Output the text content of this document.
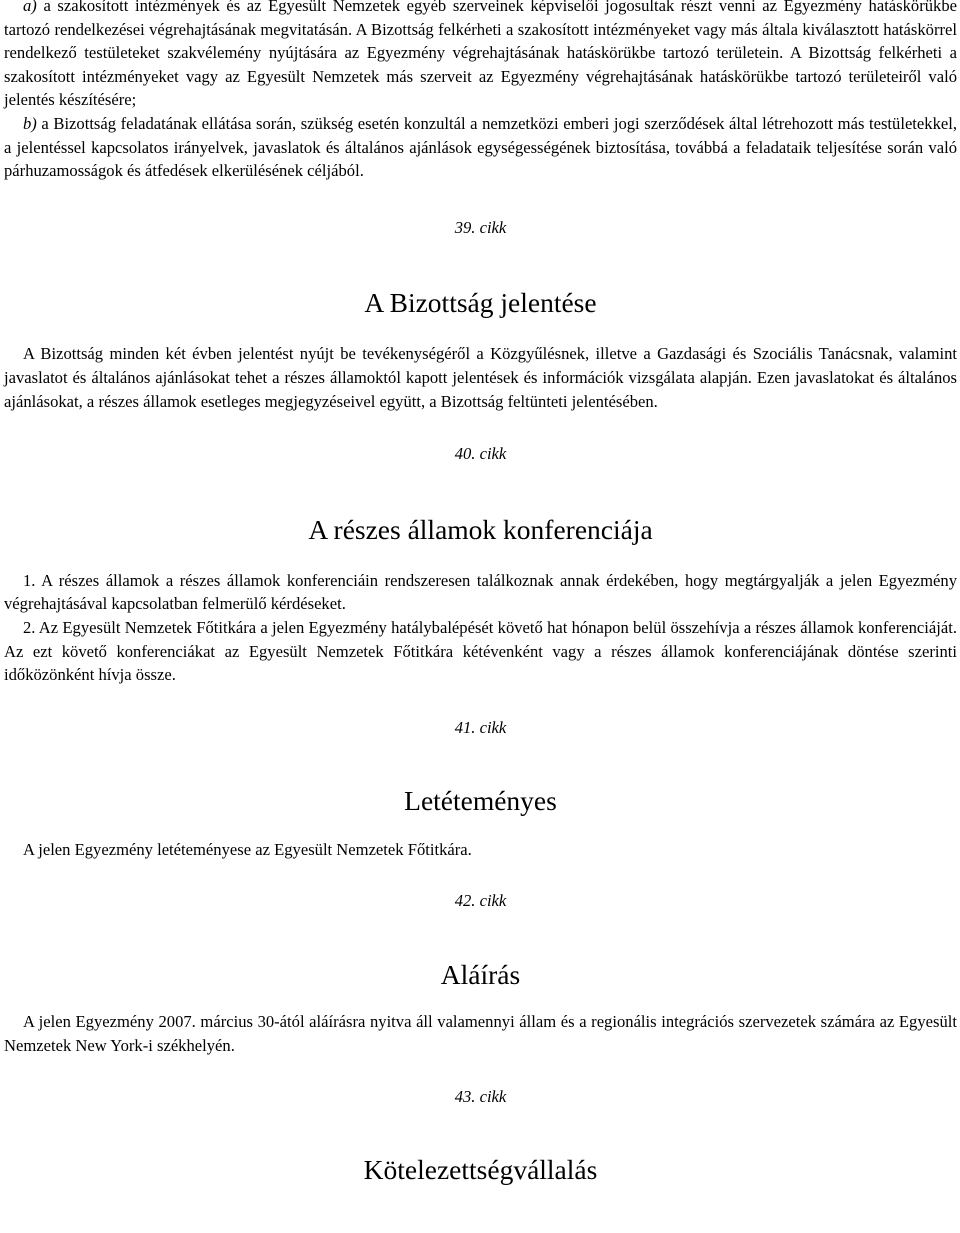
a) a szakosított intézmények és az Egyesült Nemzetek egyéb szerveinek képviselői jogosultak részt venni az Egyezmény hatáskörükbe tartozó rendelkezései végrehajtásának megvitatásán. A Bizottság felkérheti a szakosított intézményeket vagy más általa kiválasztott hatáskörrel rendelkező testületeket szakvélemény nyújtására az Egyezmény végrehajtásának hatáskörükbe tartozó területein. A Bizottság felkérheti a szakosított intézményeket vagy az Egyesült Nemzetek más szerveit az Egyezmény végrehajtásának hatáskörükbe tartozó területeiről való jelentés készítésére;

b) a Bizottság feladatának ellátása során, szükség esetén konzultál a nemzetközi emberi jogi szerződések által létrehozott más testületekkel, a jelentéssel kapcsolatos irányelvek, javaslatok és általános ajánlások egységességének biztosítása, továbbá a feladataik teljesítése során való párhuzamosságok és átfedések elkerülésének céljából.

39. cikk

A Bizottság jelentése

A Bizottság minden két évben jelentést nyújt be tevékenységéről a Közgyűlésnek, illetve a Gazdasági és Szociális Tanácsnak, valamint javaslatot és általános ajánlásokat tehet a részes államoktól kapott jelentések és információk vizsgálata alapján. Ezen javaslatokat és általános ajánlásokat, a részes államok esetleges megjegyzéseivel együtt, a Bizottság feltünteti jelentésében.

40. cikk

A részes államok konferenciája

1. A részes államok a részes államok konferenciáin rendszeresen találkoznak annak érdekében, hogy megtárgyalják a jelen Egyezmény végrehajtásával kapcsolatban felmerülő kérdéseket.

2. Az Egyesült Nemzetek Főtitkára a jelen Egyezmény hatálybalépését követő hat hónapon belül összehívja a részes államok konferenciáját. Az ezt követő konferenciákat az Egyesült Nemzetek Főtitkára kétévenként vagy a részes államok konferenciájának döntése szerinti időközönként hívja össze.

41. cikk

Letéteményes

A jelen Egyezmény letéteményese az Egyesült Nemzetek Főtitkára.

42. cikk

Aláírás

A jelen Egyezmény 2007. március 30-ától aláírásra nyitva áll valamennyi állam és a regionális integrációs szervezetek számára az Egyesült Nemzetek New York-i székhelyén.

43. cikk

Kötelezettségvállalás
